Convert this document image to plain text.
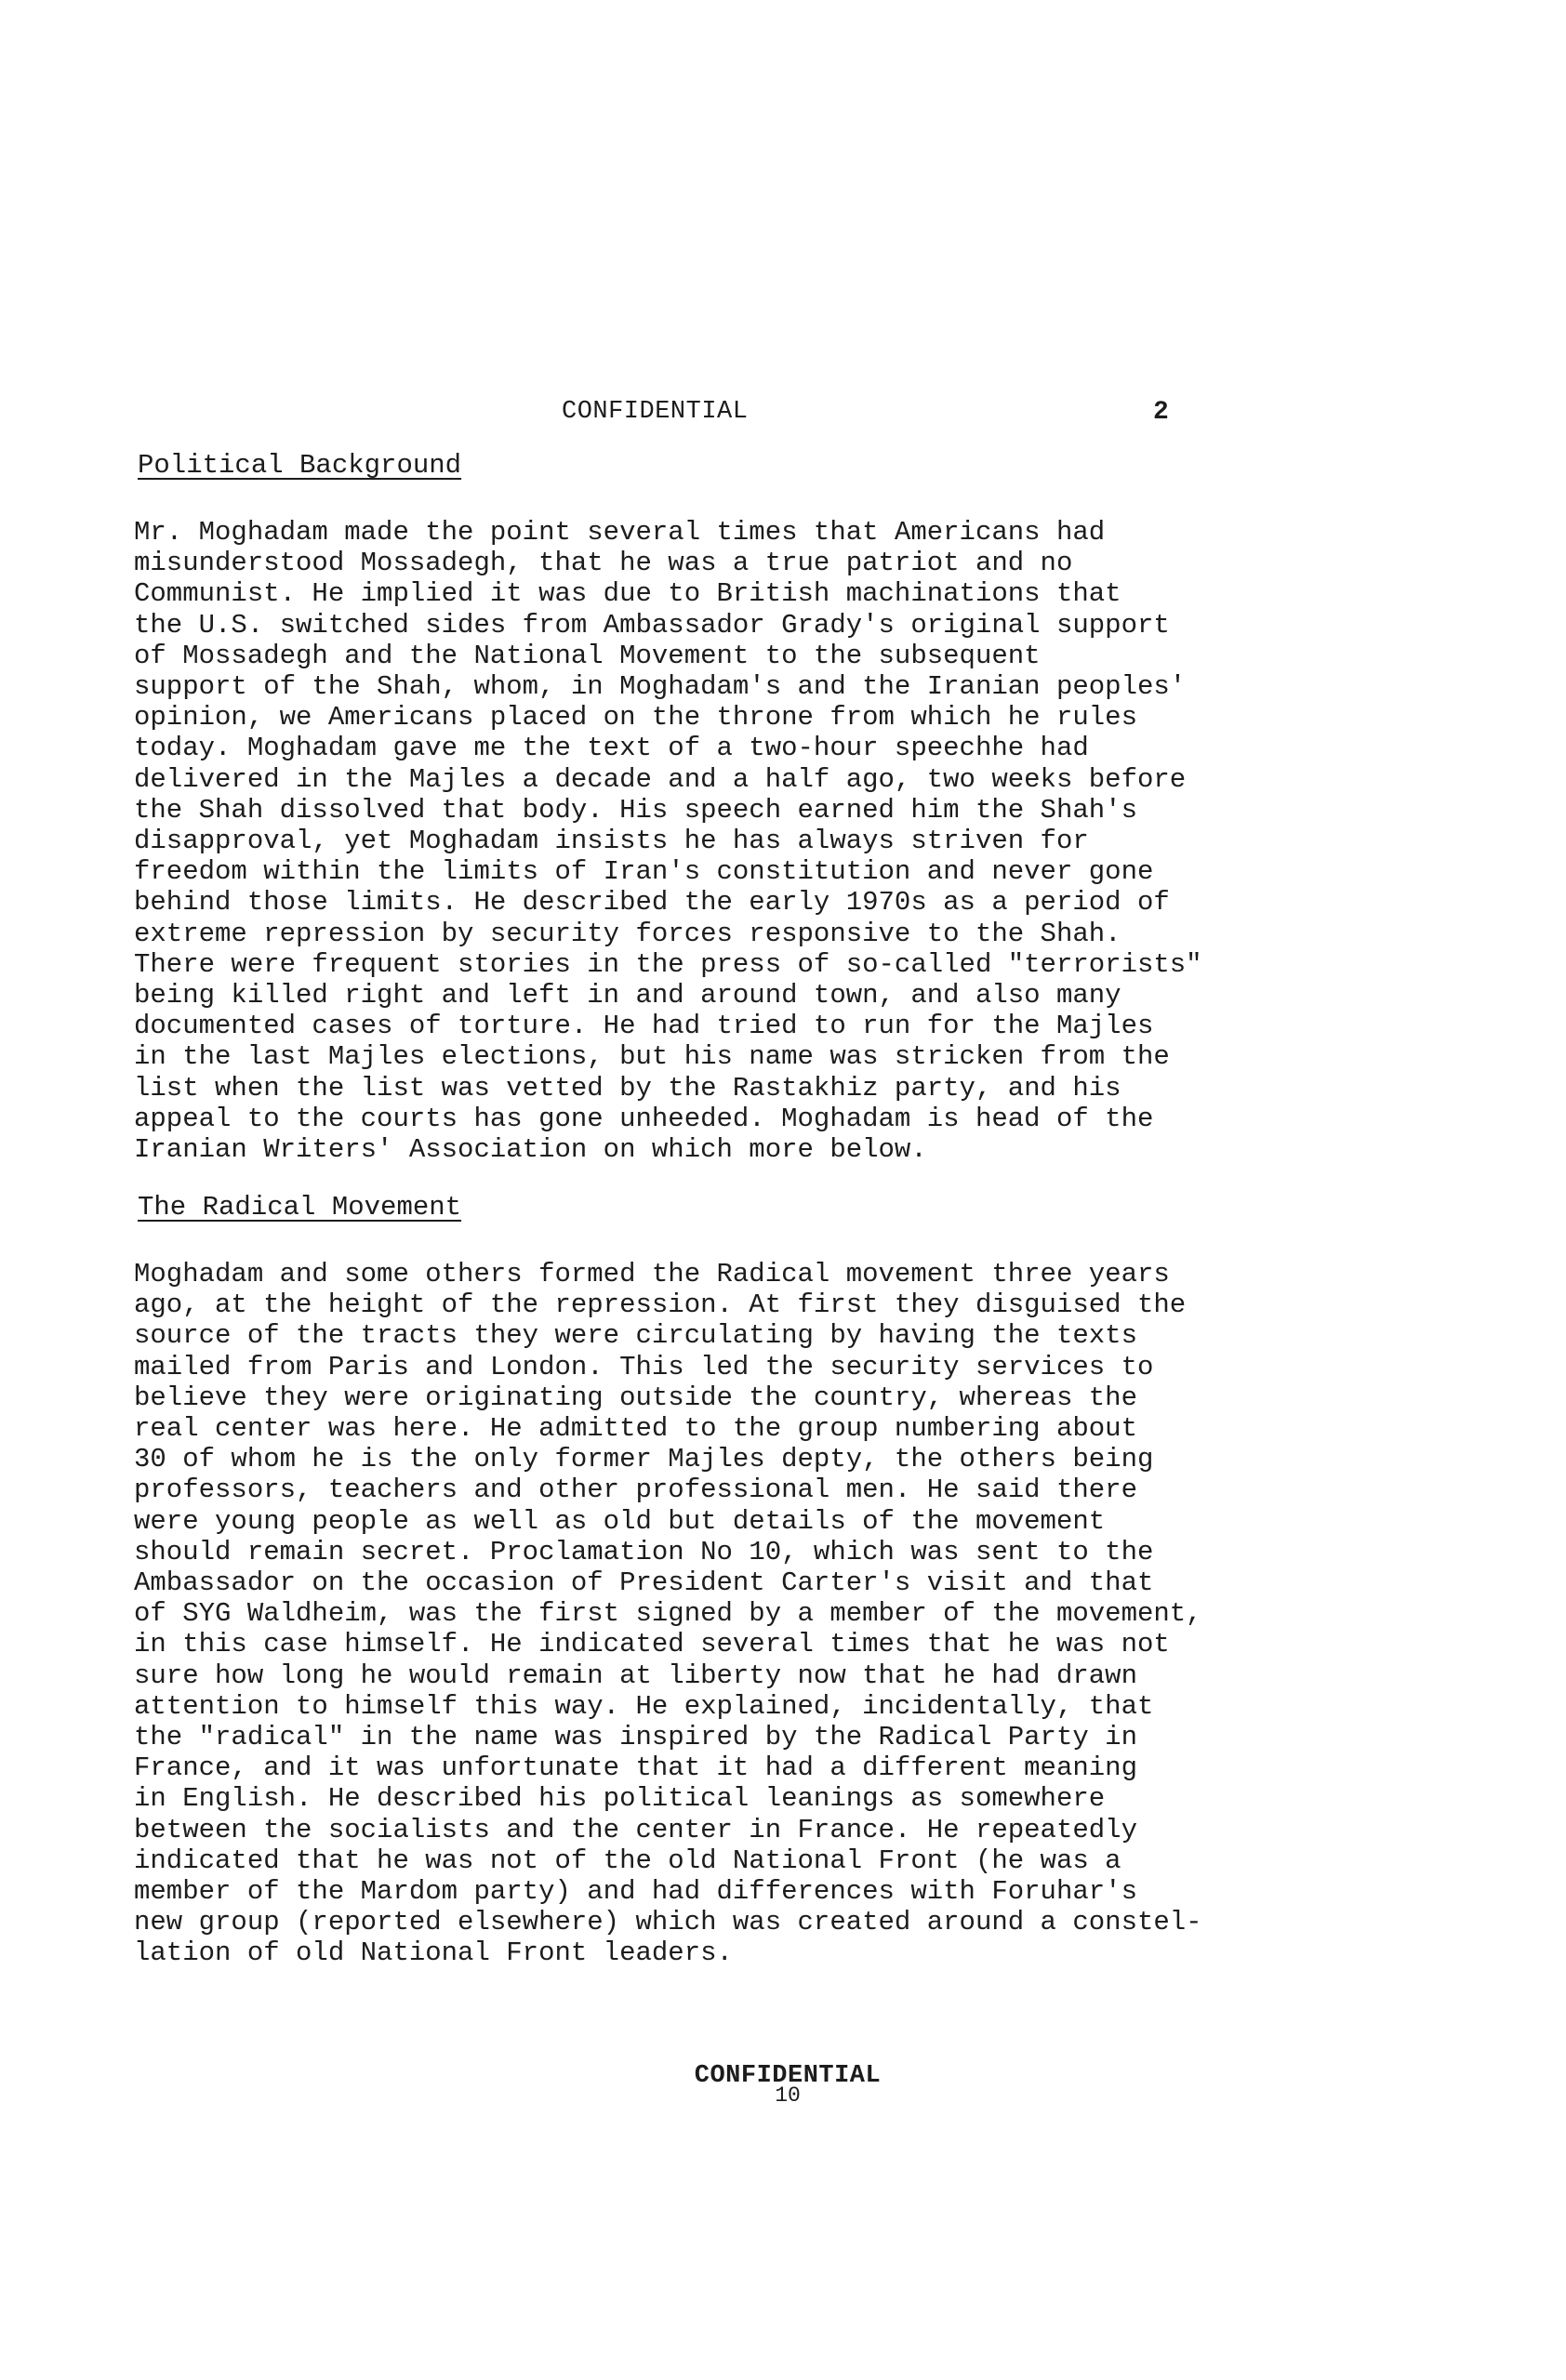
CONFIDENTIAL	2
Political Background

Mr. Moghadam made the point several times that Americans had
misunderstood Mossadegh, that he was a true patriot and no
Communist. He implied it was due to British machinations that
the U.S. switched sides from Ambassador Grady's original support
of Mossadegh and the National Movement to the subsequent
support of the Shah, whom, in Moghadam's and the Iranian peoples'
opinion, we Americans placed on the throne from which he rules
today. Moghadam gave me the text of a two-hour speechhe had
delivered in the Majles a decade and a half ago, two weeks before
the Shah dissolved that body. His speech earned him the Shah's
disapproval, yet Moghadam insists he has always striven for
freedom within the limits of Iran's constitution and never gone
behind those limits. He described the early 1970s as a period of
extreme repression by security forces responsive to the Shah.
There were frequent stories in the press of so-called "terrorists"
being killed right and left in and around town, and also many
documented cases of torture. He had tried to run for the Majles
in the last Majles elections, but his name was stricken from the
list when the list was vetted by the Rastakhiz party, and his
appeal to the courts has gone unheeded. Moghadam is head of the
Iranian Writers' Association on which more below.

The Radical Movement

Moghadam and some others formed the Radical movement three years
ago, at the height of the repression. At first they disguised the
source of the tracts they were circulating by having the texts
mailed from Paris and London. This led the security services to
believe they were originating outside the country, whereas the
real center was here. He admitted to the group numbering about
30 of whom he is the only former Majles depty, the others being
professors, teachers and other professional men. He said there
were young people as well as old but details of the movement
should remain secret. Proclamation No 10, which was sent to the
Ambassador on the occasion of President Carter's visit and that
of SYG Waldheim, was the first signed by a member of the movement,
in this case himself. He indicated several times that he was not
sure how long he would remain at liberty now that he had drawn
attention to himself this way. He explained, incidentally, that
the "radical" in the name was inspired by the Radical Party in
France, and it was unfortunate that it had a different meaning
in English. He described his political leanings as somewhere
between the socialists and the center in France. He repeatedly
indicated that he was not of the old National Front (he was a
member of the Mardom party) and had differences with Foruhar's
new group (reported elsewhere) which was created around a constel-
lation of old National Front leaders.

CONFIDENTIAL
10
